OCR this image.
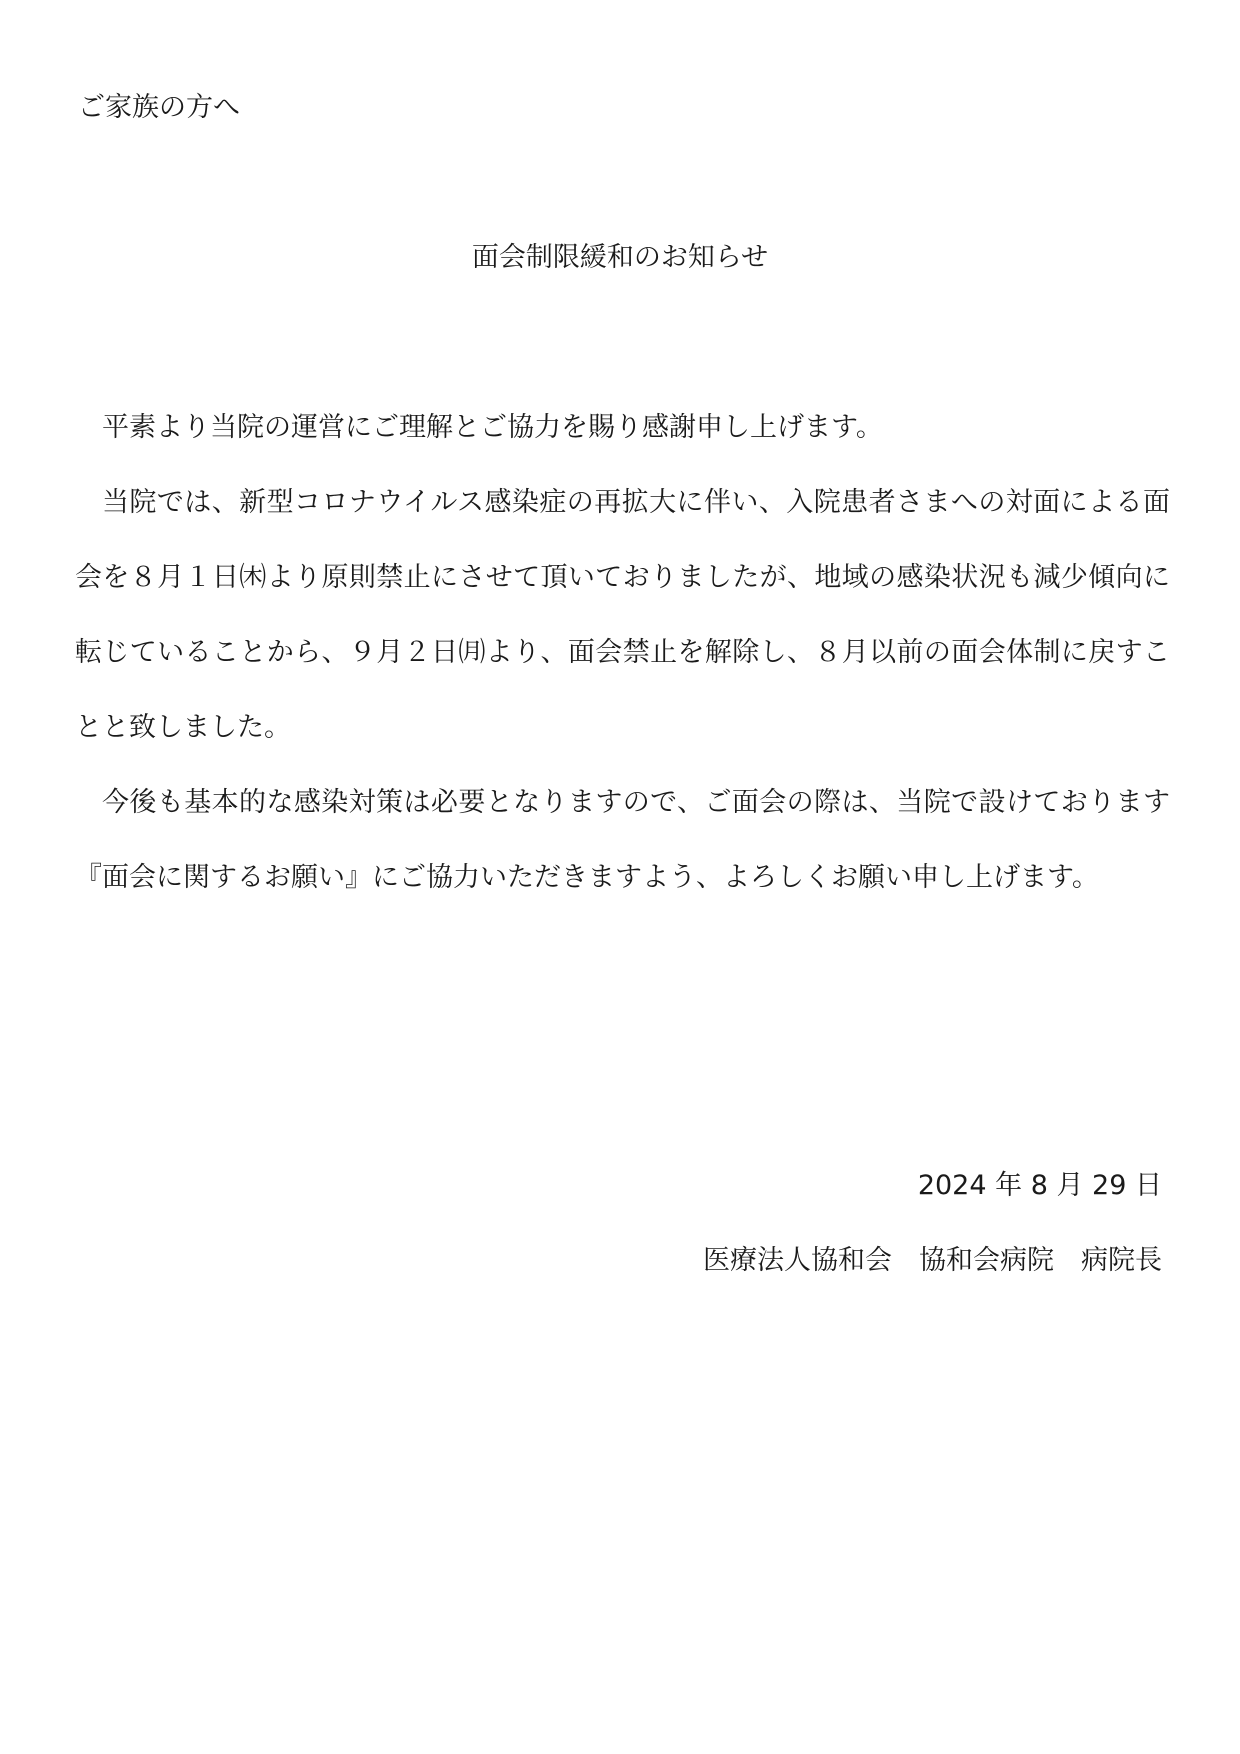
ご家族の方へ
面会制限緩和のお知らせ

平素より当院の運営にご理解とご協力を賜り感謝申し上げます。

当院では、新型コロナウイルス感染症の再拡大に伴い、入院患者さまへの対面による面会を８月１日㈭より原則禁止にさせて頂いておりましたが、地域の感染状況も減少傾向に転じていることから、９月２日㈪より、面会禁止を解除し、８月以前の面会体制に戻すことと致しました。

今後も基本的な感染対策は必要となりますので、ご面会の際は、当院で設けております『面会に関するお願い』にご協力いただきますよう、よろしくお願い申し上げます。

2024 年 8 月 29 日
医療法人協和会　協和会病院　病院長
